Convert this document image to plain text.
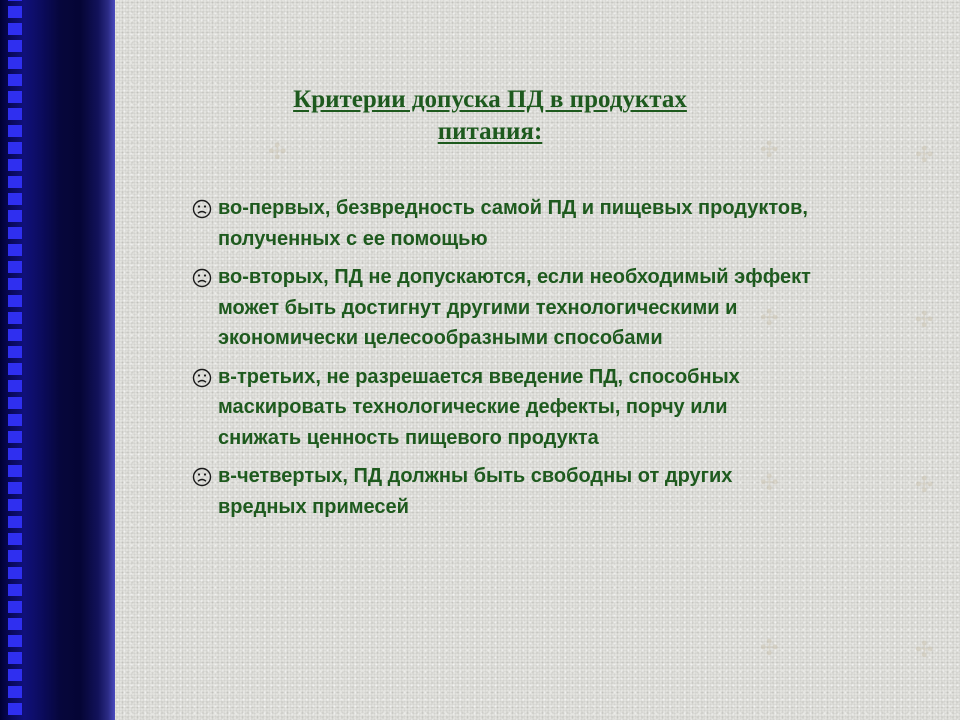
✣	✣	✣
✣	✣
✣	✣
✣	✣
Критерии допуска ПД в продуктах
питания:
во-первых, безвредность самой ПД и пищевых продуктов, полученных с ее помощью
во-вторых, ПД не допускаются, если необходимый эффект может быть достигнут другими технологическими и экономически целесообразными способами
в-третьих, не разрешается введение ПД, способных маскировать технологические дефекты, порчу или снижать ценность пищевого продукта
в-четвертых, ПД должны быть свободны от других вредных примесей
